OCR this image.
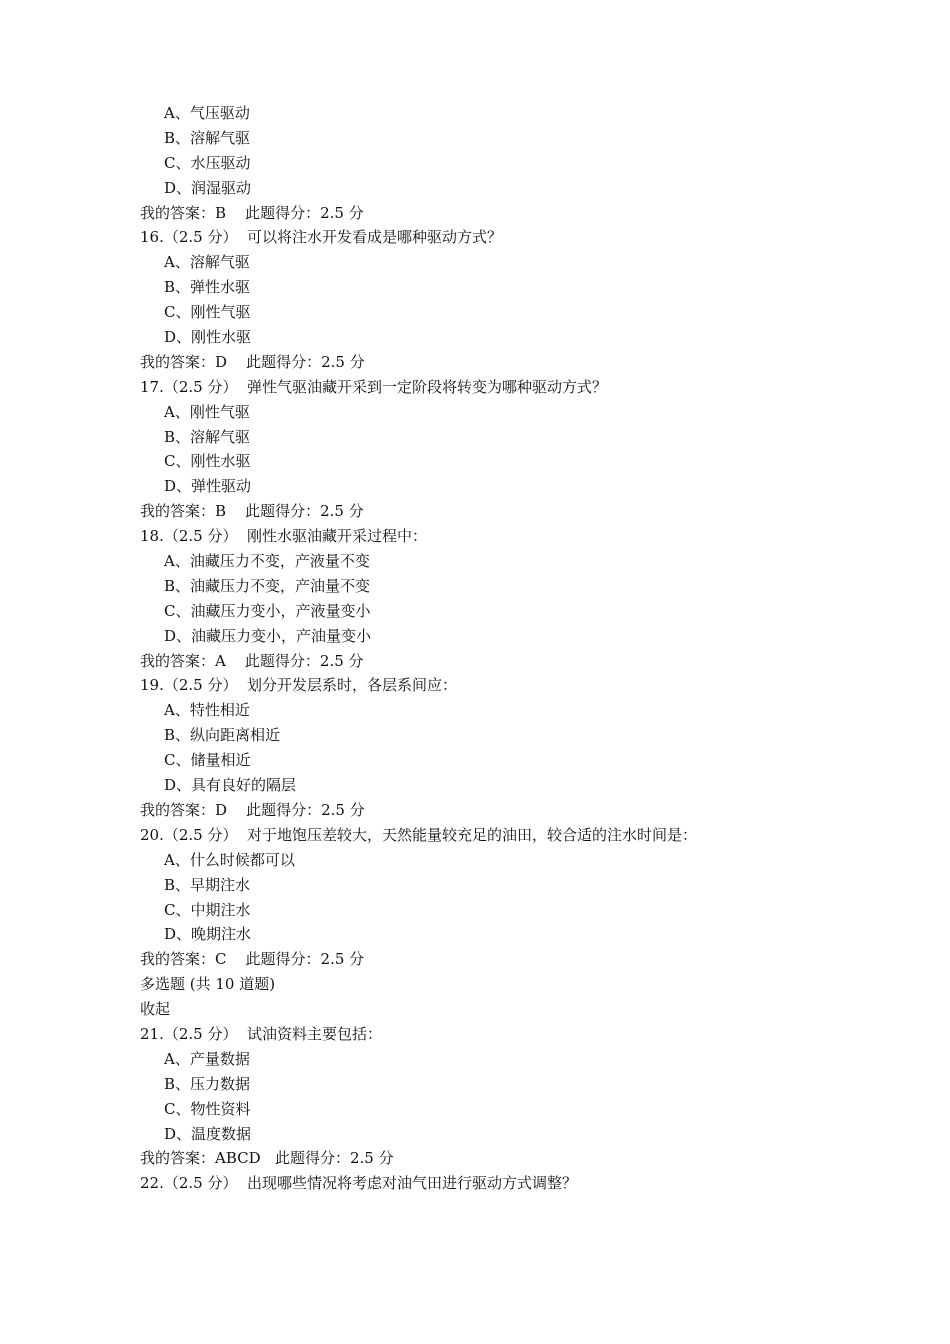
A、气压驱动
B、溶解气驱
C、水压驱动
D、润湿驱动
我的答案：B    此题得分：2.5 分
16.（2.5 分）  可以将注水开发看成是哪种驱动方式？
A、溶解气驱
B、弹性水驱
C、刚性气驱
D、刚性水驱
我的答案：D    此题得分：2.5 分
17.（2.5 分）  弹性气驱油藏开采到一定阶段将转变为哪种驱动方式？
A、刚性气驱
B、溶解气驱
C、刚性水驱
D、弹性驱动
我的答案：B    此题得分：2.5 分
18.（2.5 分）  刚性水驱油藏开采过程中：
A、油藏压力不变，产液量不变
B、油藏压力不变，产油量不变
C、油藏压力变小，产液量变小
D、油藏压力变小，产油量变小
我的答案：A    此题得分：2.5 分
19.（2.5 分）  划分开发层系时，各层系间应：
A、特性相近
B、纵向距离相近
C、储量相近
D、具有良好的隔层
我的答案：D    此题得分：2.5 分
20.（2.5 分）  对于地饱压差较大，天然能量较充足的油田，较合适的注水时间是：
A、什么时候都可以
B、早期注水
C、中期注水
D、晚期注水
我的答案：C    此题得分：2.5 分
多选题 (共 10 道题)
收起
21.（2.5 分）  试油资料主要包括：
A、产量数据
B、压力数据
C、物性资料
D、温度数据
我的答案：ABCD   此题得分：2.5 分
22.（2.5 分）  出现哪些情况将考虑对油气田进行驱动方式调整？
